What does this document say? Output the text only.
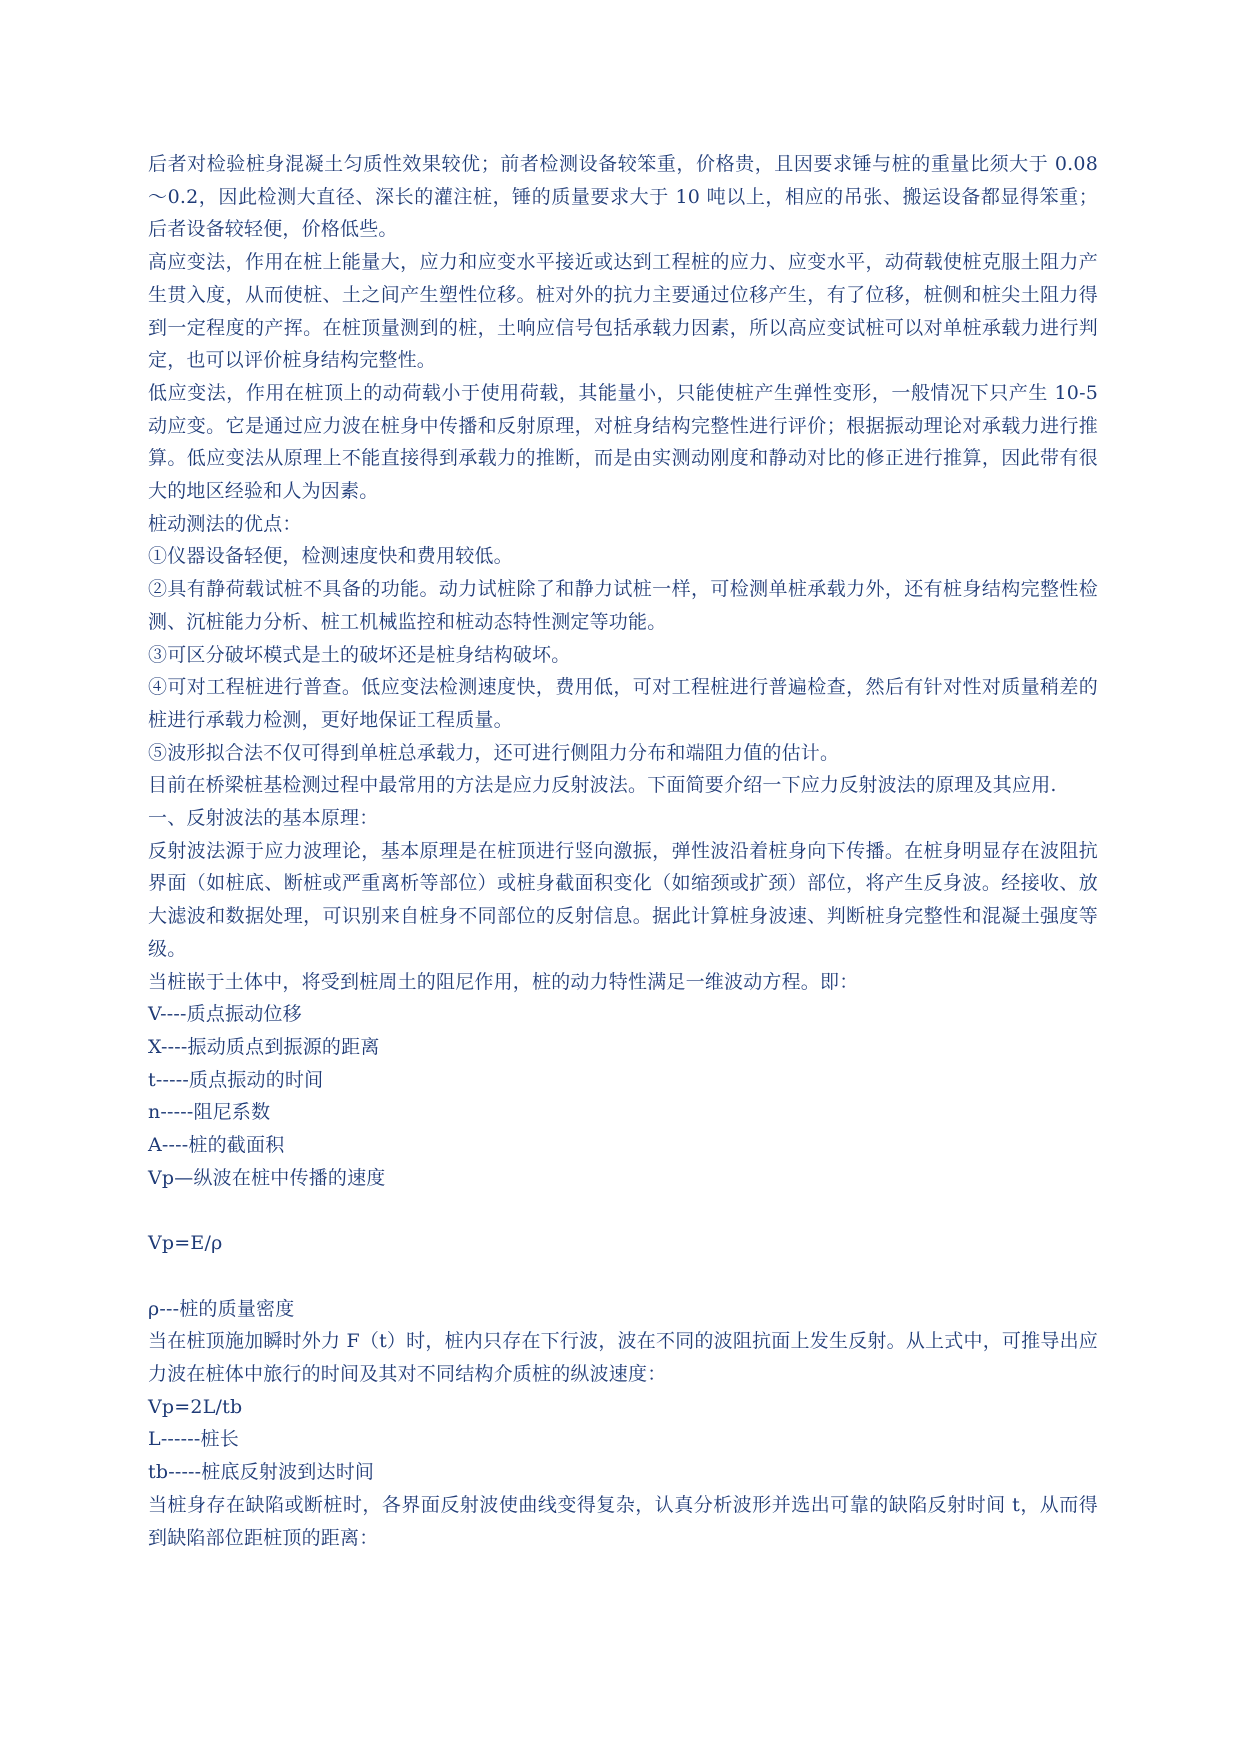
后者对检验桩身混凝土匀质性效果较优；前者检测设备较笨重，价格贵，且因要求锤与桩的重量比须大于 0.08～0.2，因此检测大直径、深长的灌注桩，锤的质量要求大于 10 吨以上，相应的吊张、搬运设备都显得笨重；后者设备较轻便，价格低些。

高应变法，作用在桩上能量大，应力和应变水平接近或达到工程桩的应力、应变水平，动荷载使桩克服土阻力产生贯入度，从而使桩、土之间产生塑性位移。桩对外的抗力主要通过位移产生，有了位移，桩侧和桩尖土阻力得到一定程度的产挥。在桩顶量测到的桩，土响应信号包括承载力因素，所以高应变试桩可以对单桩承载力进行判定，也可以评价桩身结构完整性。

低应变法，作用在桩顶上的动荷载小于使用荷载，其能量小，只能使桩产生弹性变形，一般情况下只产生 10-5 动应变。它是通过应力波在桩身中传播和反射原理，对桩身结构完整性进行评价；根据振动理论对承载力进行推算。低应变法从原理上不能直接得到承载力的推断，而是由实测动刚度和静动对比的修正进行推算，因此带有很大的地区经验和人为因素。

桩动测法的优点：

①仪器设备轻便，检测速度快和费用较低。

②具有静荷载试桩不具备的功能。动力试桩除了和静力试桩一样，可检测单桩承载力外，还有桩身结构完整性检测、沉桩能力分析、桩工机械监控和桩动态特性测定等功能。

③可区分破坏模式是土的破坏还是桩身结构破坏。

④可对工程桩进行普查。低应变法检测速度快，费用低，可对工程桩进行普遍检查，然后有针对性对质量稍差的桩进行承载力检测，更好地保证工程质量。

⑤波形拟合法不仅可得到单桩总承载力，还可进行侧阻力分布和端阻力值的估计。

目前在桥梁桩基检测过程中最常用的方法是应力反射波法。下面简要介绍一下应力反射波法的原理及其应用.

一、反射波法的基本原理：

反射波法源于应力波理论，基本原理是在桩顶进行竖向激振，弹性波沿着桩身向下传播。在桩身明显存在波阻抗界面（如桩底、断桩或严重离析等部位）或桩身截面积变化（如缩颈或扩颈）部位，将产生反身波。经接收、放大滤波和数据处理，可识别来自桩身不同部位的反射信息。据此计算桩身波速、判断桩身完整性和混凝土强度等级。

当桩嵌于土体中，将受到桩周土的阻尼作用，桩的动力特性满足一维波动方程。即：

V----质点振动位移

X----振动质点到振源的距离

t-----质点振动的时间

n-----阻尼系数

A----桩的截面积

Vp—纵波在桩中传播的速度

Vp=E/ρ

ρ---桩的质量密度

当在桩顶施加瞬时外力 F（t）时，桩内只存在下行波，波在不同的波阻抗面上发生反射。从上式中，可推导出应力波在桩体中旅行的时间及其对不同结构介质桩的纵波速度：

Vp=2L/tb

L------桩长

tb-----桩底反射波到达时间

当桩身存在缺陷或断桩时，各界面反射波使曲线变得复杂，认真分析波形并选出可靠的缺陷反射时间 t，从而得到缺陷部位距桩顶的距离：
